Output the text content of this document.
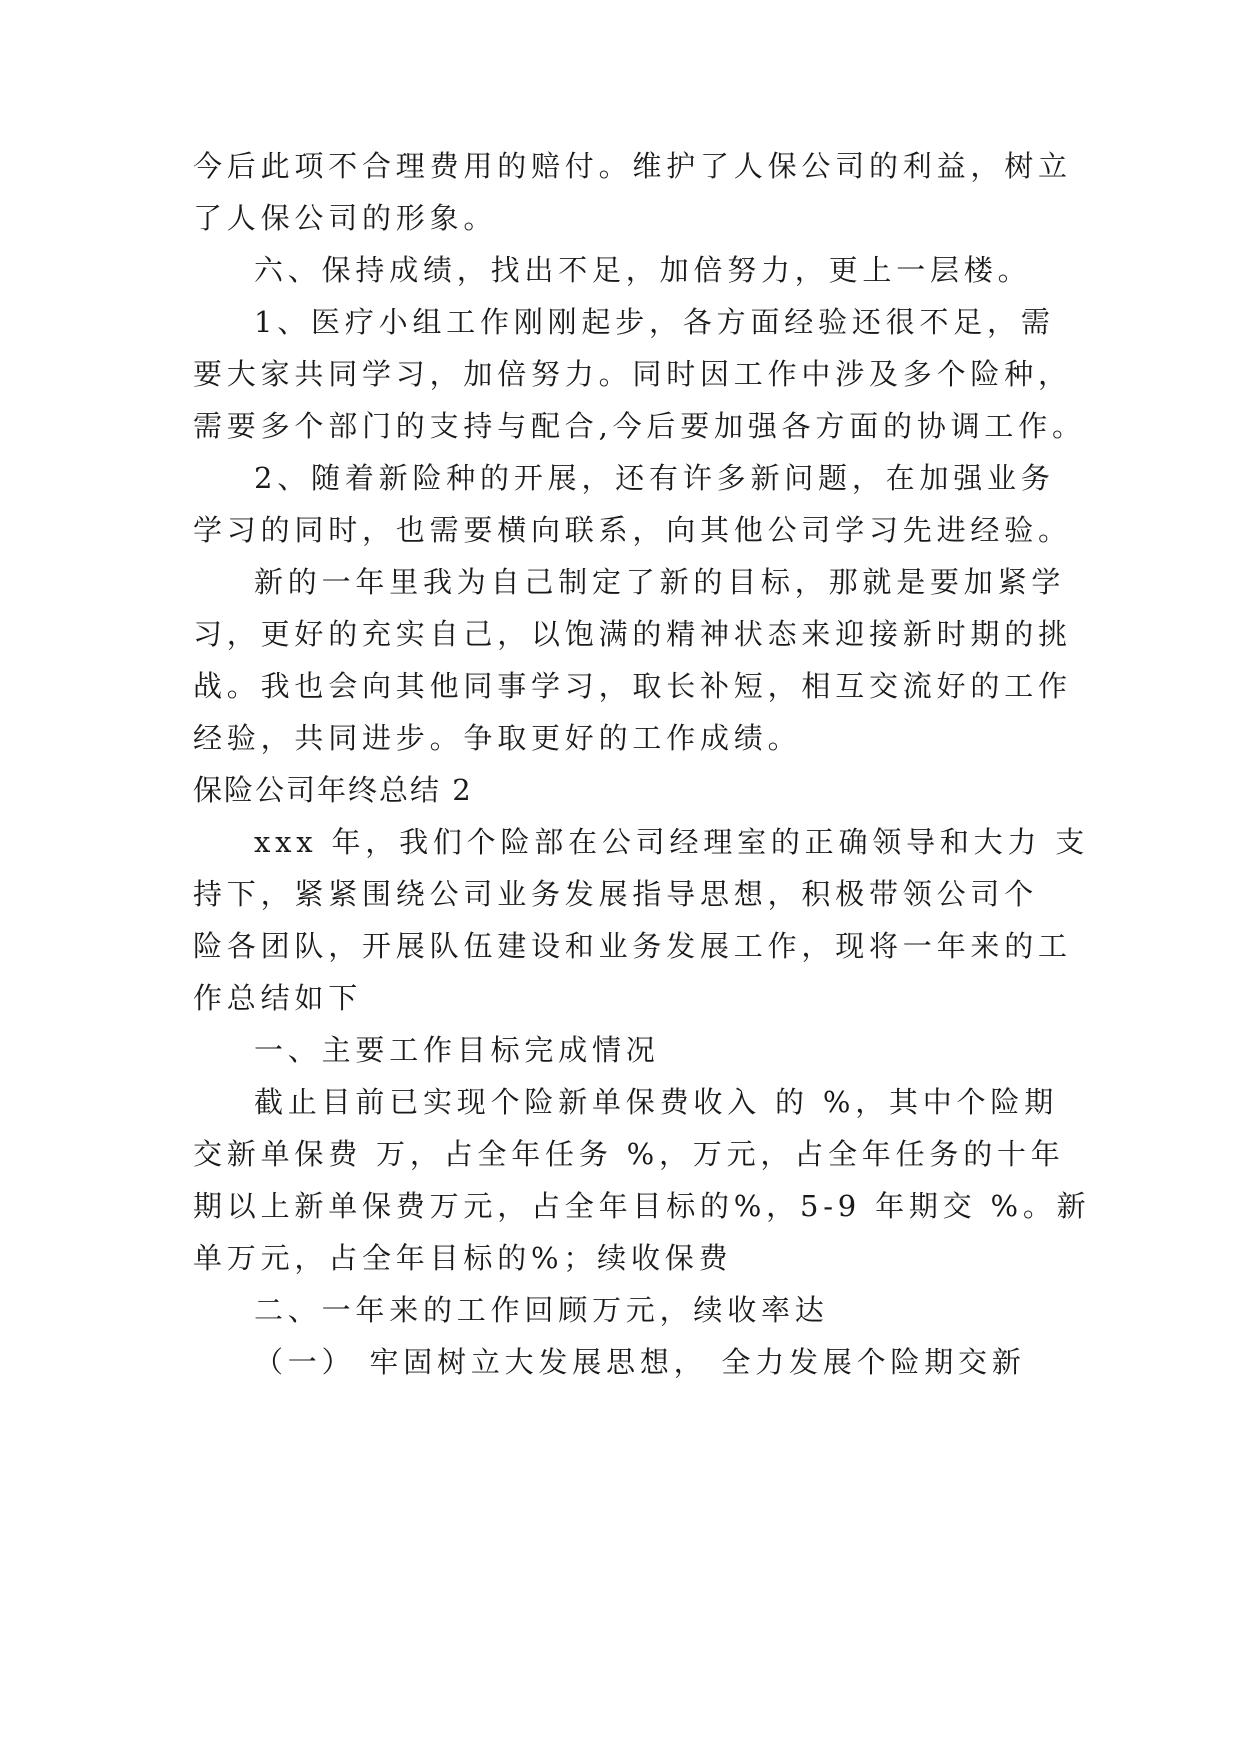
今后此项不合理费用的赔付。维护了人保公司的利益，树立
了人保公司的形象。
六、保持成绩，找出不足，加倍努力，更上一层楼。
1、医疗小组工作刚刚起步，各方面经验还很不足，需
要大家共同学习，加倍努力。同时因工作中涉及多个险种，
需要多个部门的支持与配合,今后要加强各方面的协调工作。
2、随着新险种的开展，还有许多新问题，在加强业务
学习的同时，也需要横向联系，向其他公司学习先进经验。
新的一年里我为自己制定了新的目标，那就是要加紧学
习，更好的充实自己，以饱满的精神状态来迎接新时期的挑
战。我也会向其他同事学习，取长补短，相互交流好的工作
经验，共同进步。争取更好的工作成绩。
保险公司年终总结 2
xxx 年，我们个险部在公司经理室的正确领导和大力 支
持下，紧紧围绕公司业务发展指导思想，积极带领公司个
险各团队，开展队伍建设和业务发展工作，现将一年来的工
作总结如下
一、主要工作目标完成情况
截止目前已实现个险新单保费收入 的 %，其中个险期
交新单保费 万，占全年任务 %，万元，占全年任务的十年
期以上新单保费万元，占全年目标的%，5-9 年期交 %。新
单万元，占全年目标的%；续收保费
二、一年来的工作回顾万元，续收率达
（一） 牢固树立大发展思想， 全力发展个险期交新
